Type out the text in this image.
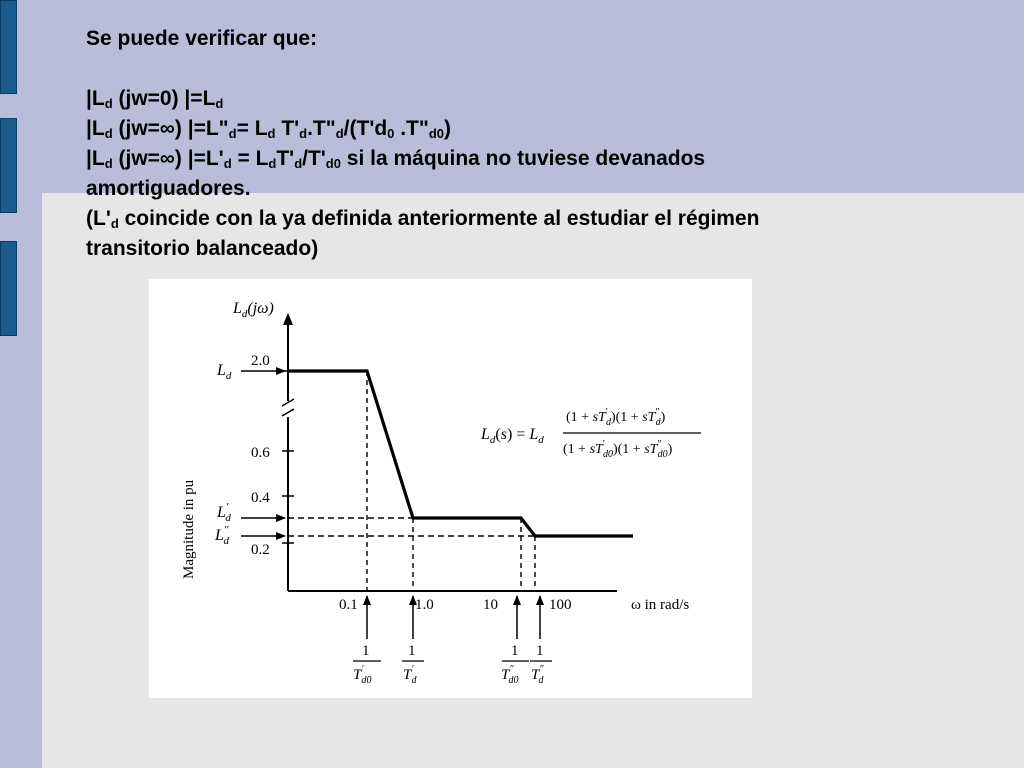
Se puede verificar que:
$|L_d$ (jw=0) $|=L_d$
$|L_d$ (jw=∞) $|=L"_d= L_d$ $T'_d.T"_d/(T'd_0$ $.T"_{d0}$)
$|L_d$ (jw=∞) $|=L'_d = L_dT'_d/T'_{d0}$ si la máquina no tuviese devanados
amortiguadores.
($L'_d$ coincide con la ya definida anteriormente al estudiar el régimen
transitorio balanceado)
$L_d(j\omega)$
Magnitude in pu
2.0
0.6
0.4
0.2
$L_d$
L′ d
L″ d
0.1	1.0	10	100	ω in rad/s
1
T′ d0
1
T′ d
1
T″ d0
1
T″ d
$L_d(s) = L_d$
(1 + sT′ d)(1 + sT″ d)
(1 + sT′ d0)(1 + sT″ d0)
